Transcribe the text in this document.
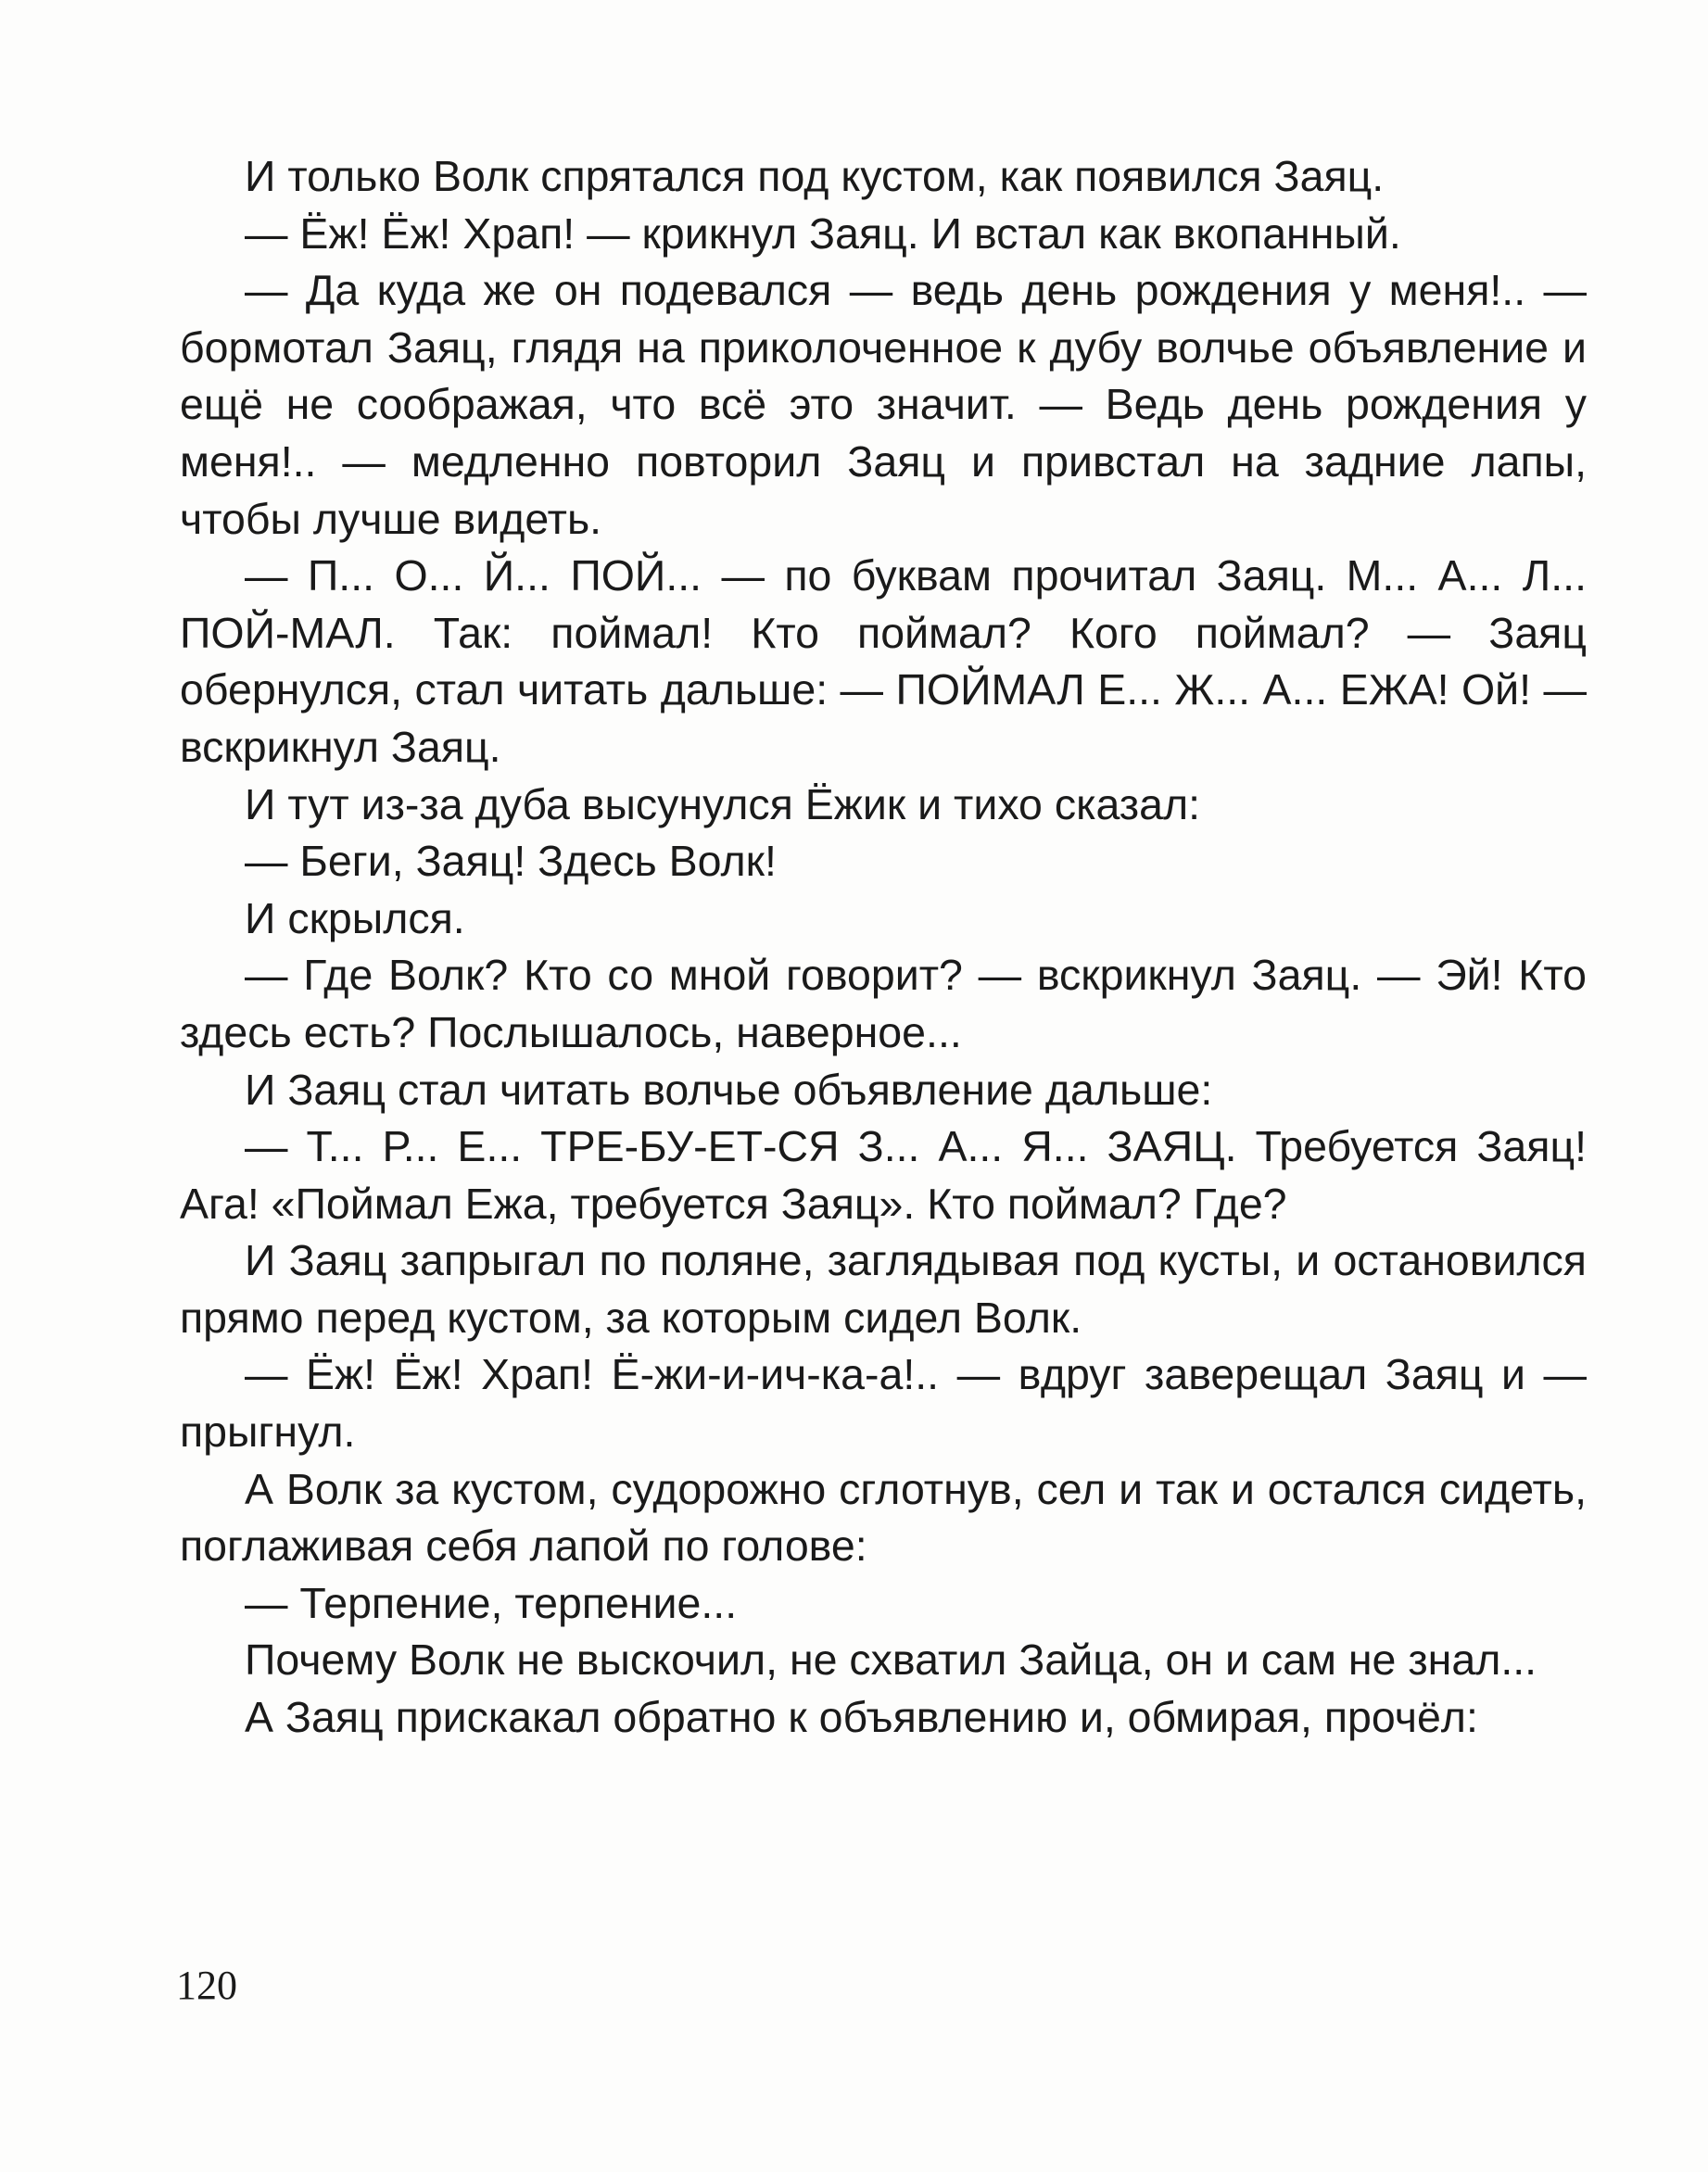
И только Волк спрятался под кустом, как появился Заяц.

— Ёж! Ёж! Храп! — крикнул Заяц. И встал как вкопанный.

— Да куда же он подевался — ведь день рождения у меня!.. — бормотал Заяц, глядя на приколоченное к дубу волчье объявление и ещё не соображая, что всё это значит. — Ведь день рождения у меня!.. — медленно повторил Заяц и привстал на задние лапы, чтобы лучше видеть.

— П... О... Й... ПОЙ... — по буквам прочитал Заяц. М... А... Л... ПОЙ-МАЛ. Так: поймал! Кто поймал? Кого поймал? — Заяц обернулся, стал читать дальше: — ПОЙМАЛ Е... Ж... А... ЕЖА! Ой! — вскрикнул Заяц.

И тут из-за дуба высунулся Ёжик и тихо сказал:

— Беги, Заяц! Здесь Волк!

И скрылся.

— Где Волк? Кто со мной говорит? — вскрикнул Заяц. — Эй! Кто здесь есть? Послышалось, наверное...

И Заяц стал читать волчье объявление дальше:

— Т... Р... Е... ТРЕ-БУ-ЕТ-СЯ З... А... Я... ЗАЯЦ. Требуется Заяц! Ага! «Поймал Ежа, требуется Заяц». Кто поймал? Где?

И Заяц запрыгал по поляне, заглядывая под кусты, и остановился прямо перед кустом, за которым сидел Волк.

— Ёж! Ёж! Храп! Ё-жи-и-ич-ка-а!.. — вдруг заверещал Заяц и — прыгнул.

А Волк за кустом, судорожно сглотнув, сел и так и остался сидеть, поглаживая себя лапой по голове:

— Терпение, терпение...

Почему Волк не выскочил, не схватил Зайца, он и сам не знал...

А Заяц прискакал обратно к объявлению и, обмирая, прочёл:

120
